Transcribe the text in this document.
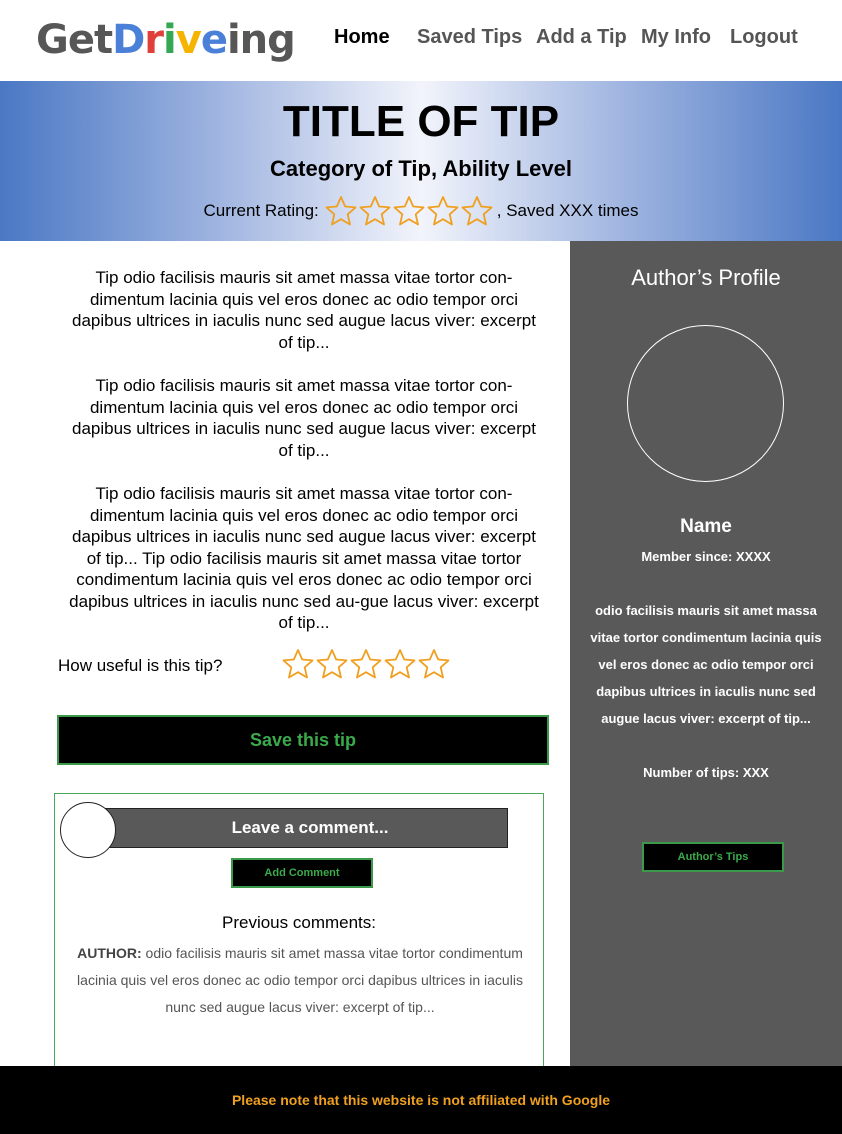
GetDriveing Home Saved Tips Add a Tip My Info Logout
TITLE OF TIP
Category of Tip, Ability Level
Current Rating:	, Saved XXX times
Tip odio facilisis mauris sit amet massa vitae tortor con-dimentum lacinia quis vel eros donec ac odio tempor orci dapibus ultrices in iaculis nunc sed augue lacus viver: excerpt of tip...
Tip odio facilisis mauris sit amet massa vitae tortor con-dimentum lacinia quis vel eros donec ac odio tempor orci dapibus ultrices in iaculis nunc sed augue lacus viver: excerpt of tip...
Tip odio facilisis mauris sit amet massa vitae tortor con-dimentum lacinia quis vel eros donec ac odio tempor orci dapibus ultrices in iaculis nunc sed augue lacus viver: excerpt of tip... Tip odio facilisis mauris sit amet massa vitae tortor condimentum lacinia quis vel eros donec ac odio tempor orci dapibus ultrices in iaculis nunc sed au-gue lacus viver: excerpt of tip...
How useful is this tip?
Save this tip
Leave a comment...
Add Comment
Previous comments:
AUTHOR: odio facilisis mauris sit amet massa vitae tortor condimentum lacinia quis vel eros donec ac odio tempor orci dapibus ultrices in iaculis nunc sed augue lacus viver: excerpt of tip...
Author’s Profile
Name
Member since: XXXX
odio facilisis mauris sit amet massa vitae tortor condimentum lacinia quis vel eros donec ac odio tempor orci dapibus ultrices in iaculis nunc sed augue lacus viver: excerpt of tip...
Number of tips: XXX
Author’s Tips
Please note that this website is not affiliated with Google
